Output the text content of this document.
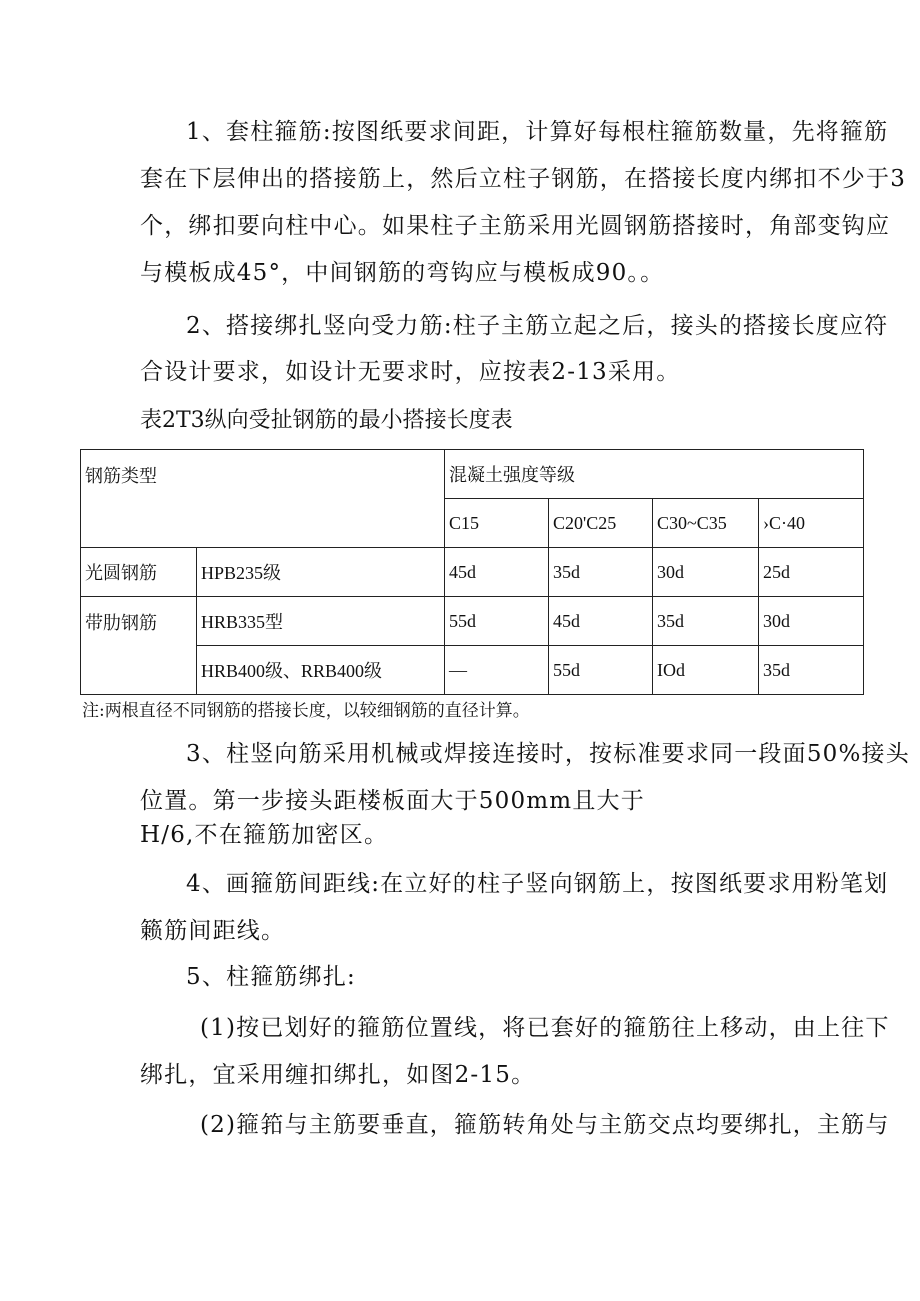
1、套柱箍筋:按图纸要求间距，计算好每根柱箍筋数量，先将箍筋
套在下层伸出的搭接筋上，然后立柱子钢筋，在搭接长度内绑扣不少于3
个，绑扣要向柱中心。如果柱子主筋采用光圆钢筋搭接时，角部变钩应
与模板成45°，中间钢筋的弯钩应与模板成90。。
2、搭接绑扎竖向受力筋:柱子主筋立起之后，接头的搭接长度应符
合设计要求，如设计无要求时，应按表2-13采用。
表2T3纵向受扯钢筋的最小搭接长度表
钢筋类型		混凝土强度等级			
		C15	C20'C25	C30~C35	›C·40
光圆钢筋	HPB235级	45d	35d	30d	25d
带肋钢筋	HRB335型	55d	45d	35d	30d
	HRB400级、RRB400级	—	55d	IOd	35d
注:两根直径不同钢筋的搭接长度，以较细钢筋的直径计算。
3、柱竖向筋采用机械或焊接连接时，按标准要求同一段面50%接头
位置。第一步接头距楼板面大于500mm且大于
H/6,不在箍筋加密区。
4、画箍筋间距线:在立好的柱子竖向钢筋上，按图纸要求用粉笔划
籁筋间距线。
5、柱箍筋绑扎:
(1)按已划好的箍筋位置线，将已套好的箍筋往上移动，由上往下
绑扎，宜采用缠扣绑扎，如图2-15。
(2)箍筘与主筋要垂直，箍筋转角处与主筋交点均要绑扎，主筋与
